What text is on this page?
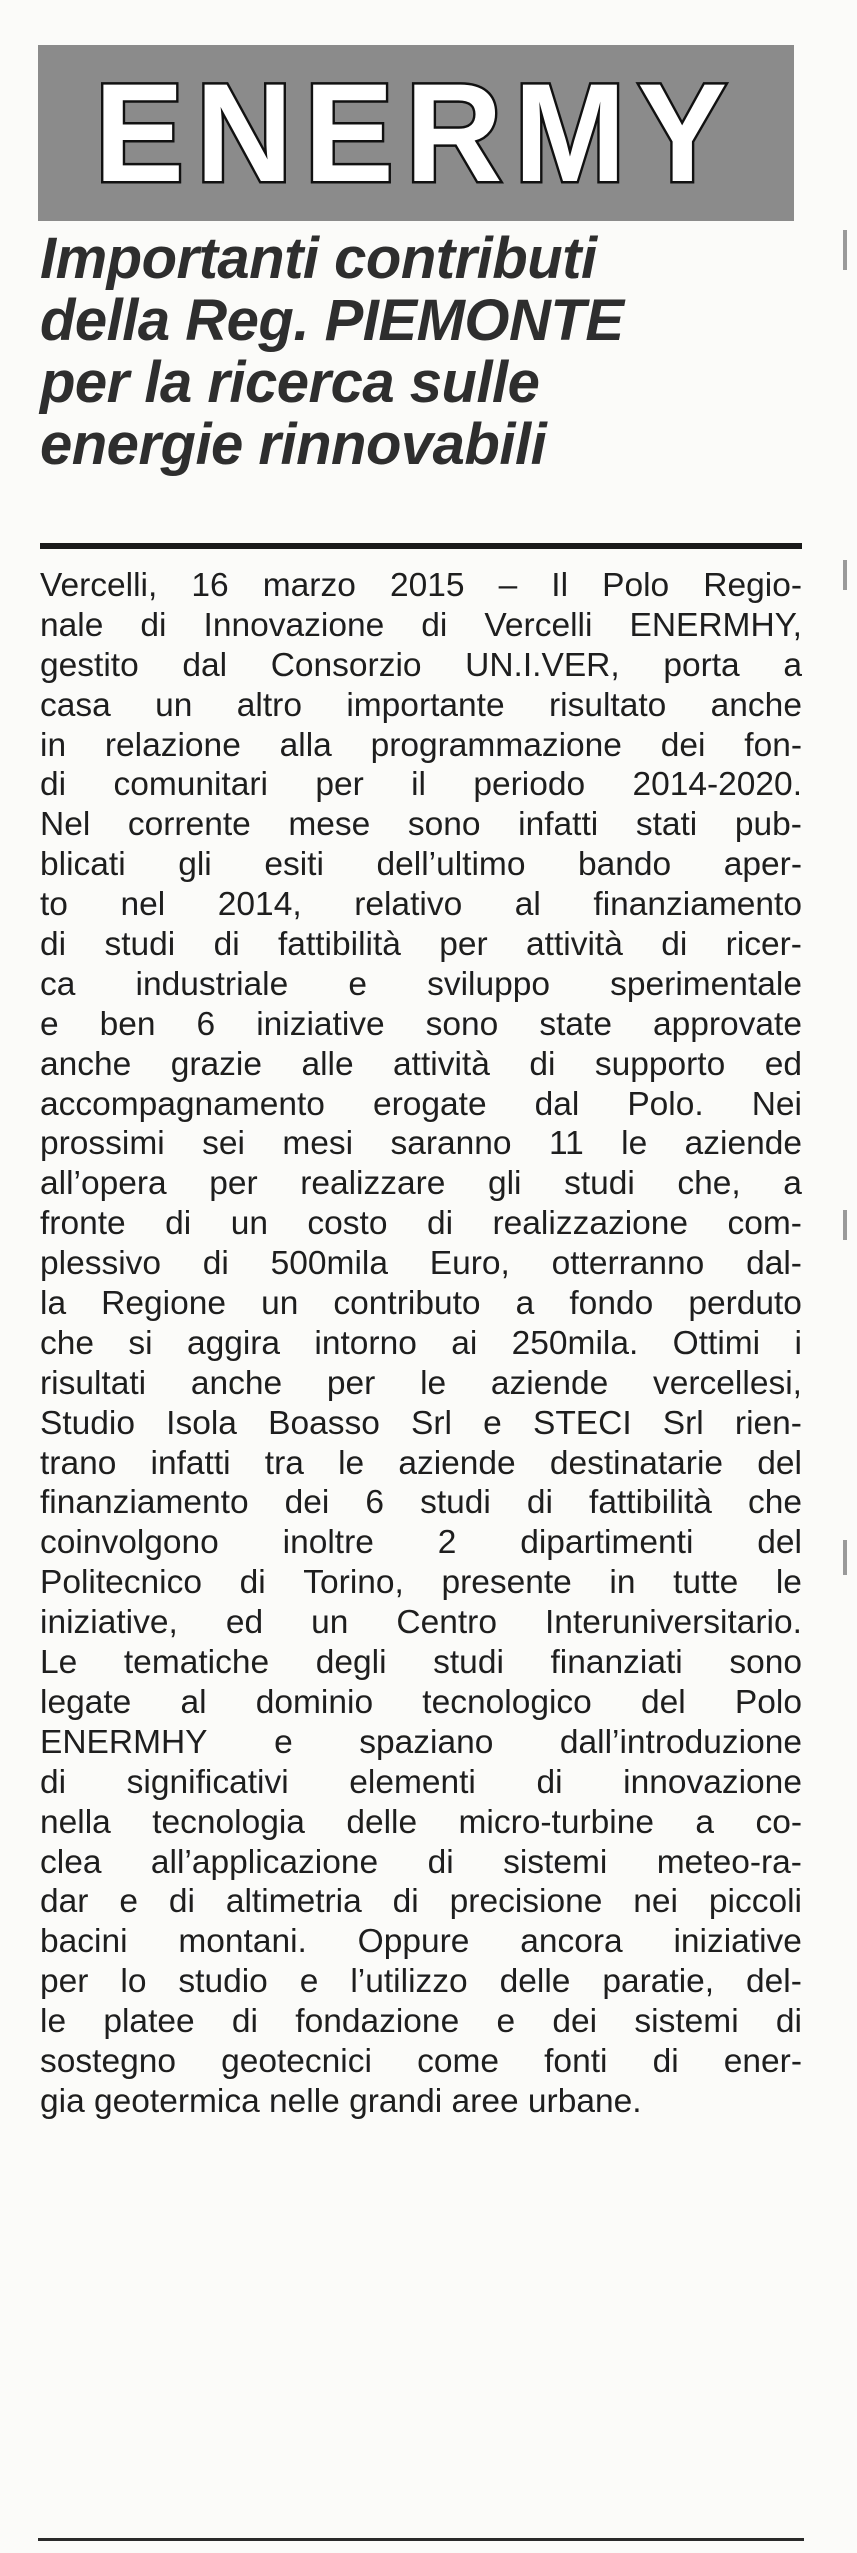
ENERMY
Importanti contributi
della Reg. PIEMONTE
per la ricerca sulle
energie rinnovabili
Vercelli, 16 marzo 2015 – Il Polo Regio-
nale di Innovazione di Vercelli ENERMHY,
gestito dal Consorzio UN.I.VER, porta a
casa un altro importante risultato anche
in relazione alla programmazione dei fon-
di comunitari per il periodo 2014-2020.
Nel corrente mese sono infatti stati pub-
blicati gli esiti dell’ultimo bando aper-
to nel 2014, relativo al finanziamento
di studi di fattibilità per attività di ricer-
ca industriale e sviluppo sperimentale
e ben 6 iniziative sono state approvate
anche grazie alle attività di supporto ed
accompagnamento erogate dal Polo. Nei
prossimi sei mesi saranno 11 le aziende
all’opera per realizzare gli studi che, a
fronte di un costo di realizzazione com-
plessivo di 500mila Euro, otterranno dal-
la Regione un contributo a fondo perduto
che si aggira intorno ai 250mila. Ottimi i
risultati anche per le aziende vercellesi,
Studio Isola Boasso Srl e STECI Srl rien-
trano infatti tra le aziende destinatarie del
finanziamento dei 6 studi di fattibilità che
coinvolgono inoltre 2 dipartimenti del
Politecnico di Torino, presente in tutte le
iniziative, ed un Centro Interuniversitario.
Le tematiche degli studi finanziati sono
legate al dominio tecnologico del Polo
ENERMHY e spaziano dall’introduzione
di significativi elementi di innovazione
nella tecnologia delle micro-turbine a co-
clea all’applicazione di sistemi meteo-ra-
dar e di altimetria di precisione nei piccoli
bacini montani. Oppure ancora iniziative
per lo studio e l’utilizzo delle paratie, del-
le platee di fondazione e dei sistemi di
sostegno geotecnici come fonti di ener-
gia geotermica nelle grandi aree urbane.
